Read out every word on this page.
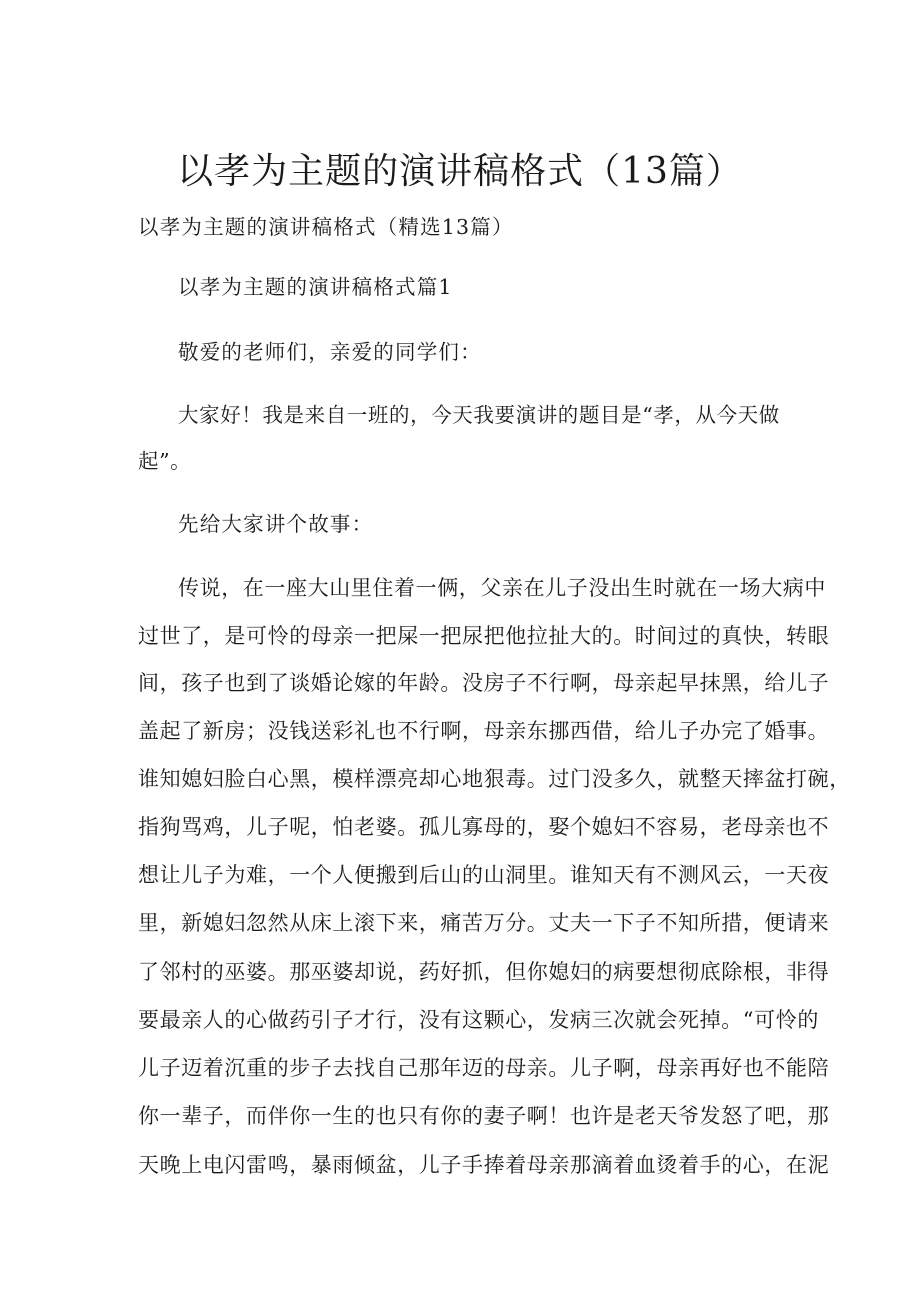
以孝为主题的演讲稿格式（13篇）
以孝为主题的演讲稿格式（精选13篇）
以孝为主题的演讲稿格式篇1
敬爱的老师们，亲爱的同学们：
大家好！我是来自一班的，今天我要演讲的题目是“孝，从今天做
起”。
先给大家讲个故事：
传说，在一座大山里住着一俩，父亲在儿子没出生时就在一场大病中
过世了，是可怜的母亲一把屎一把尿把他拉扯大的。时间过的真快，转眼
间，孩子也到了谈婚论嫁的年龄。没房子不行啊，母亲起早抹黑，给儿子
盖起了新房；没钱送彩礼也不行啊，母亲东挪西借，给儿子办完了婚事。
谁知媳妇脸白心黑，模样漂亮却心地狠毒。过门没多久，就整天摔盆打碗，
指狗骂鸡，儿子呢，怕老婆。孤儿寡母的，娶个媳妇不容易，老母亲也不
想让儿子为难，一个人便搬到后山的山洞里。谁知天有不测风云，一天夜
里，新媳妇忽然从床上滚下来，痛苦万分。丈夫一下子不知所措，便请来
了邻村的巫婆。那巫婆却说，药好抓，但你媳妇的病要想彻底除根，非得
要最亲人的心做药引子才行，没有这颗心，发病三次就会死掉。“可怜的
儿子迈着沉重的步子去找自己那年迈的母亲。儿子啊，母亲再好也不能陪
你一辈子，而伴你一生的也只有你的妻子啊！也许是老天爷发怒了吧，那
天晚上电闪雷鸣，暴雨倾盆，儿子手捧着母亲那滴着血烫着手的心，在泥
